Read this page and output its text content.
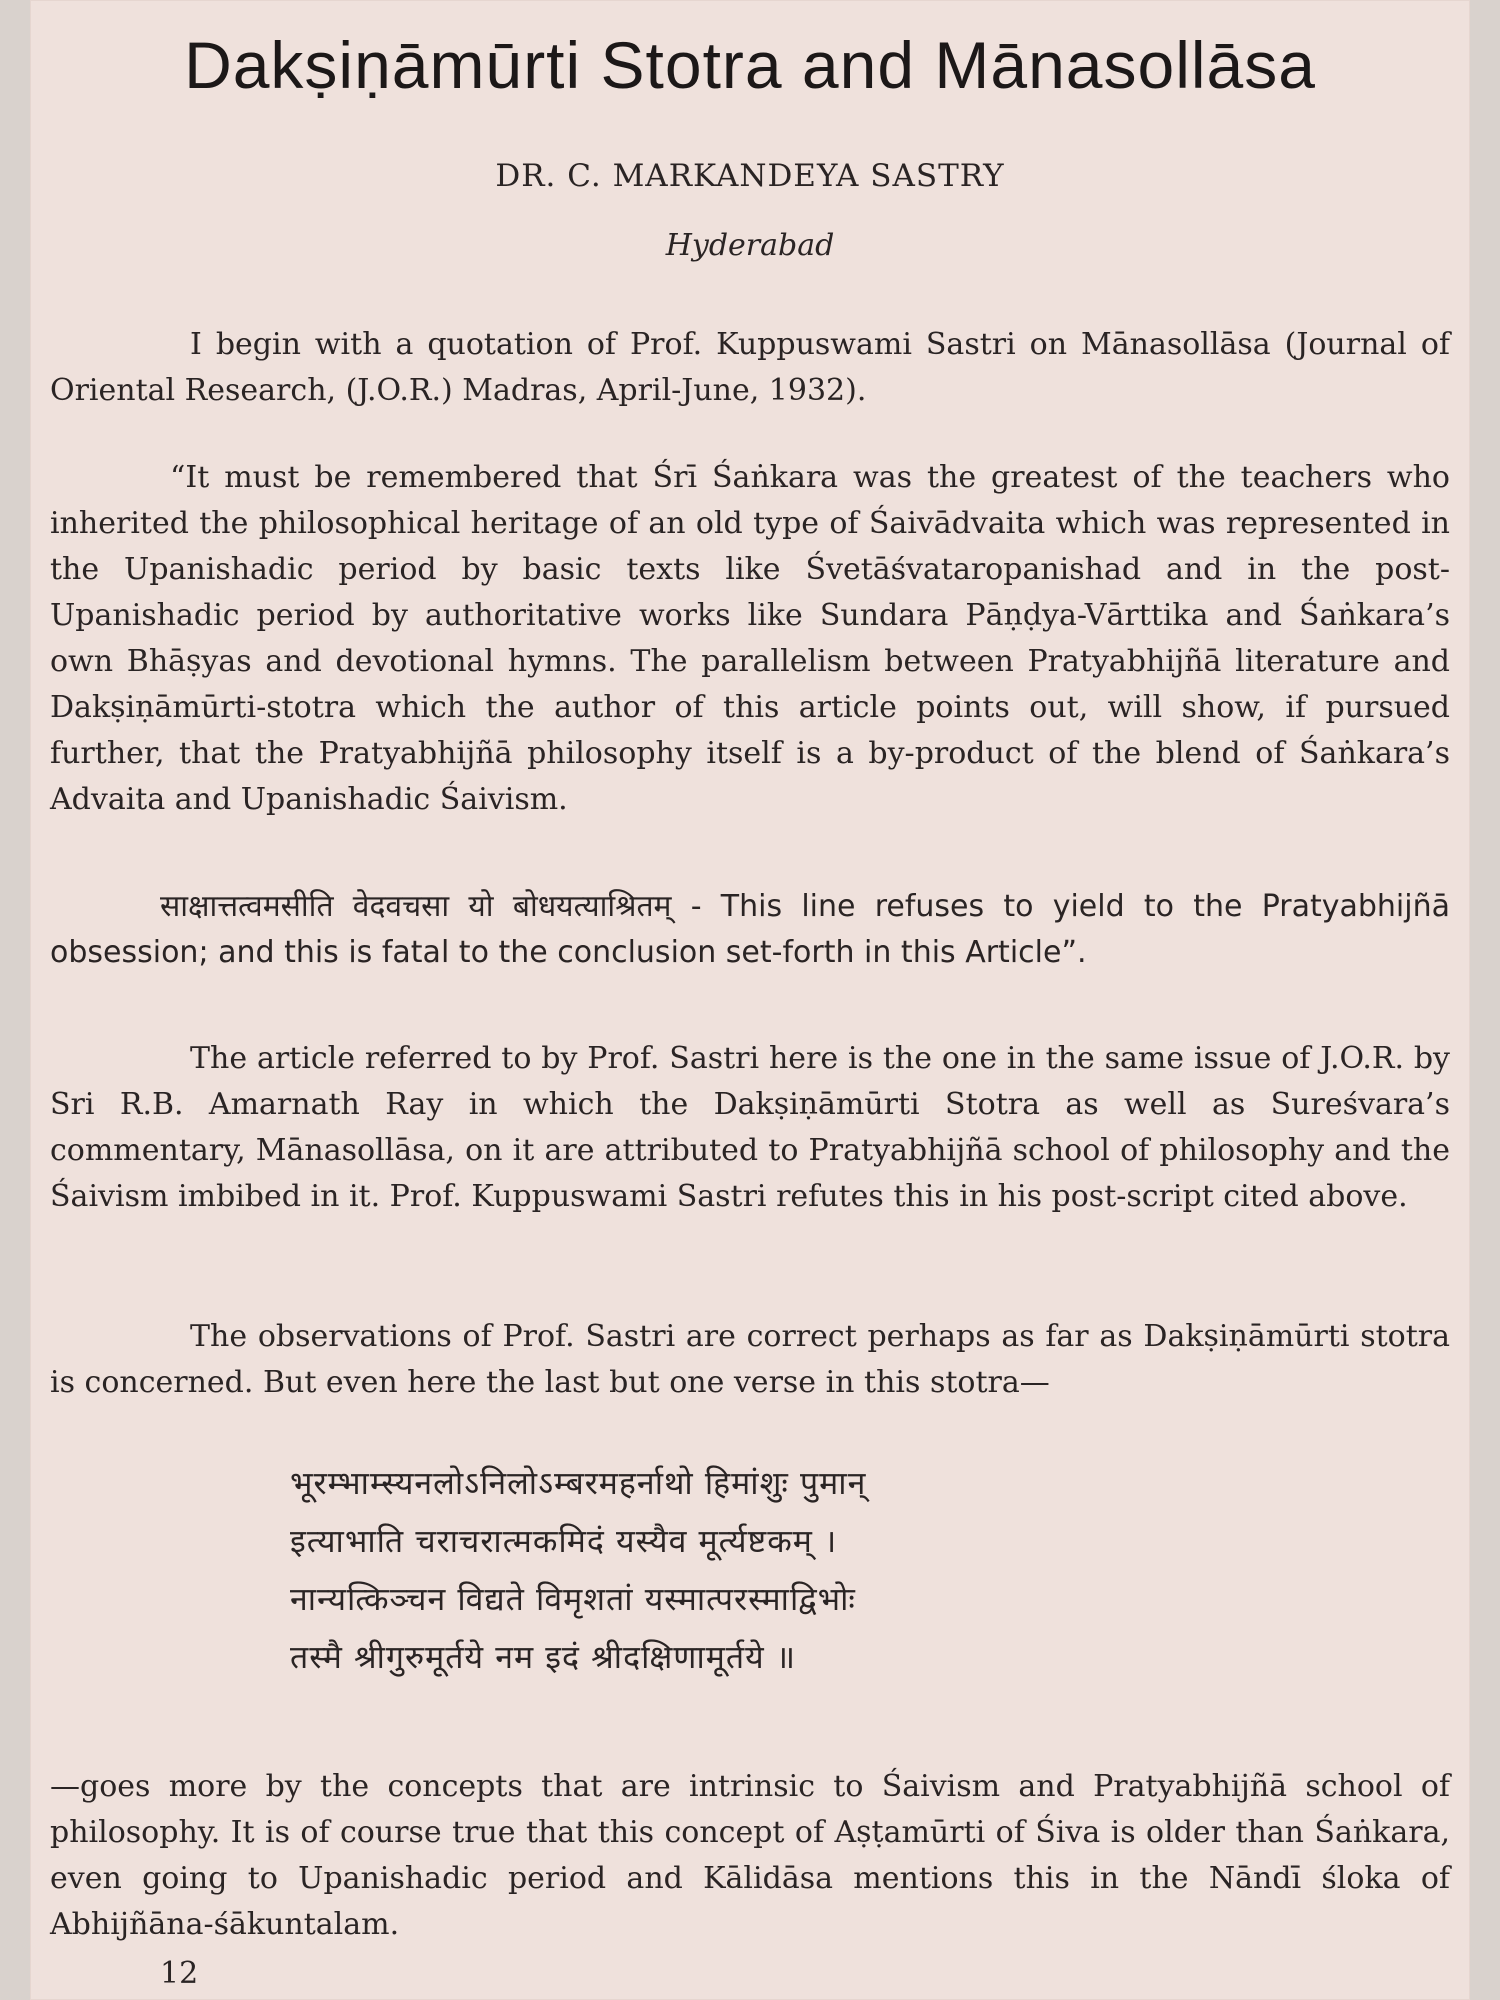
Dakṣiṇāmūrti Stotra and Mānasollāsa
DR. C. MARKANDEYA SASTRY
Hyderabad

I begin with a quotation of Prof. Kuppuswami Sastri on Mānasollāsa (Journal of Oriental Research, (J.O.R.) Madras, April-June, 1932).

“It must be remembered that Śrī Śaṅkara was the greatest of the teachers who inherited the philosophical heritage of an old type of Śaivādvaita which was represented in the Upanishadic period by basic texts like Śvetāśvataropanishad and in the post-Upanishadic period by authoritative works like Sundara Pāṇḍya-Vārttika and Śaṅkara’s own Bhāṣyas and devotional hymns. The parallelism between Pratyabhijñā literature and Dakṣiṇāmūrti-stotra which the author of this article points out, will show, if pursued further, that the Pratyabhijñā philosophy itself is a by-product of the blend of Śaṅkara’s Advaita and Upanishadic Śaivism.

साक्षात्तत्वमसीति वेदवचसा यो बोधयत्याश्रितम् - This line refuses to yield to the Pratyabhijñā obsession; and this is fatal to the conclusion set-forth in this Article”.

The article referred to by Prof. Sastri here is the one in the same issue of J.O.R. by Sri R.B. Amarnath Ray in which the Dakṣiṇāmūrti Stotra as well as Sureśvara’s commentary, Mānasollāsa, on it are attributed to Pratyabhijñā school of philosophy and the Śaivism imbibed in it. Prof. Kuppuswami Sastri refutes this in his post-script cited above.

The observations of Prof. Sastri are correct perhaps as far as Dakṣiṇāmūrti stotra is concerned. But even here the last but one verse in this stotra—

भूरम्भाम्स्यनलोऽनिलोऽम्बरमहर्नाथो हिमांशुः पुमान्
इत्याभाति चराचरात्मकमिदं यस्यैव मूर्त्यष्टकम् ।
नान्यत्किञ्चन विद्यते विमृशतां यस्मात्परस्माद्विभोः
तस्मै श्रीगुरुमूर्तये नम इदं श्रीदक्षिणामूर्तये ॥

—goes more by the concepts that are intrinsic to Śaivism and Pratyabhijñā school of philosophy. It is of course true that this concept of Aṣṭamūrti of Śiva is older than Śaṅkara, even going to Upanishadic period and Kālidāsa mentions this in the Nāndī śloka of Abhijñāna-śākuntalam.

12
